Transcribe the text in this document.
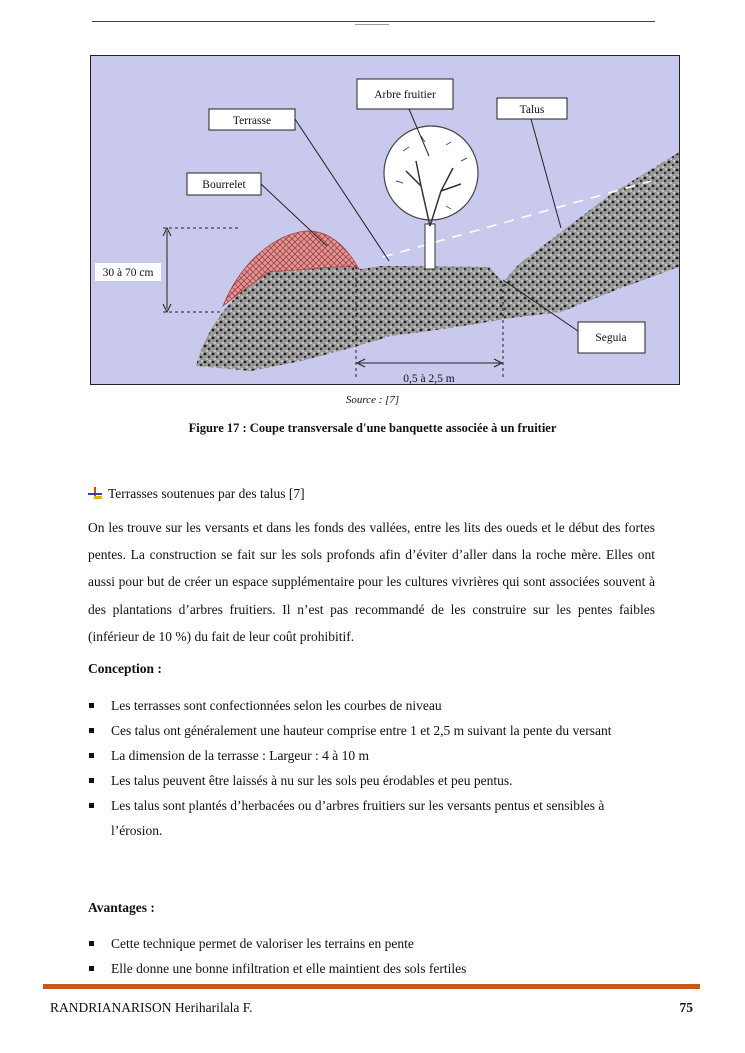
Arbre fruitier
Terrasse
Talus
Bourrelet
Seguia
30 à 70 cm
0,5 à 2,5 m
Source : [7]
Figure 17 : Coupe transversale d'une banquette associée à un fruitier
Terrasses soutenues par des talus [7]
On les trouve sur les versants et dans les fonds des vallées, entre les lits des oueds et le début des fortes pentes. La construction se fait sur les sols profonds afin d’éviter d’aller dans la roche mère. Elles ont aussi pour but de créer un espace supplémentaire pour les cultures vivrières qui sont associées souvent à des plantations d’arbres fruitiers. Il n’est pas recommandé de les construire sur les pentes faibles (inférieur de 10 %) du fait de leur coût prohibitif.
Conception :
Les terrasses sont confectionnées selon les courbes de niveau
Ces talus ont généralement une hauteur comprise entre 1 et 2,5 m suivant la pente du versant
La dimension de la terrasse : Largeur : 4 à 10 m
Les talus peuvent être laissés à nu sur les sols peu érodables et peu pentus.
Les talus sont plantés d’herbacées ou d’arbres fruitiers sur les versants pentus et sensibles à l’érosion.
Avantages :
Cette technique permet de valoriser les terrains en pente
Elle donne une bonne infiltration et elle maintient des sols fertiles
RANDRIANARISON Heriharilala F.	75
